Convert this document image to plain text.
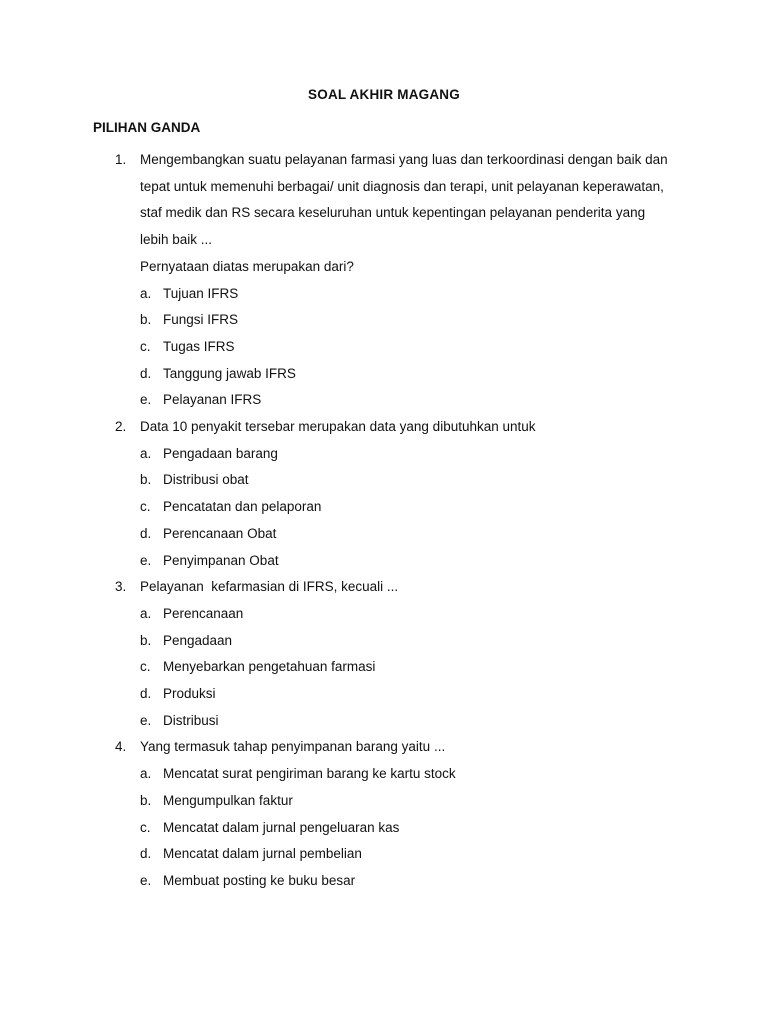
SOAL AKHIR MAGANG
PILIHAN GANDA
1.	Mengembangkan suatu pelayanan farmasi yang luas dan terkoordinasi dengan baik dan tepat untuk memenuhi berbagai/ unit diagnosis dan terapi, unit pelayanan keperawatan, staf medik dan RS secara keseluruhan untuk kepentingan pelayanan penderita yang lebih baik ...
Pernyataan diatas merupakan dari?
a. Tujuan IFRS
b. Fungsi IFRS
c. Tugas IFRS
d. Tanggung jawab IFRS
e. Pelayanan IFRS
2.	Data 10 penyakit tersebar merupakan data yang dibutuhkan untuk
a. Pengadaan barang
b. Distribusi obat
c. Pencatatan dan pelaporan
d. Perencanaan Obat
e. Penyimpanan Obat
3.	Pelayanan  kefarmasian di IFRS, kecuali ...
a. Perencanaan
b. Pengadaan
c. Menyebarkan pengetahuan farmasi
d. Produksi
e. Distribusi
4.	Yang termasuk tahap penyimpanan barang yaitu ...
a. Mencatat surat pengiriman barang ke kartu stock
b. Mengumpulkan faktur
c. Mencatat dalam jurnal pengeluaran kas
d. Mencatat dalam jurnal pembelian
e. Membuat posting ke buku besar
